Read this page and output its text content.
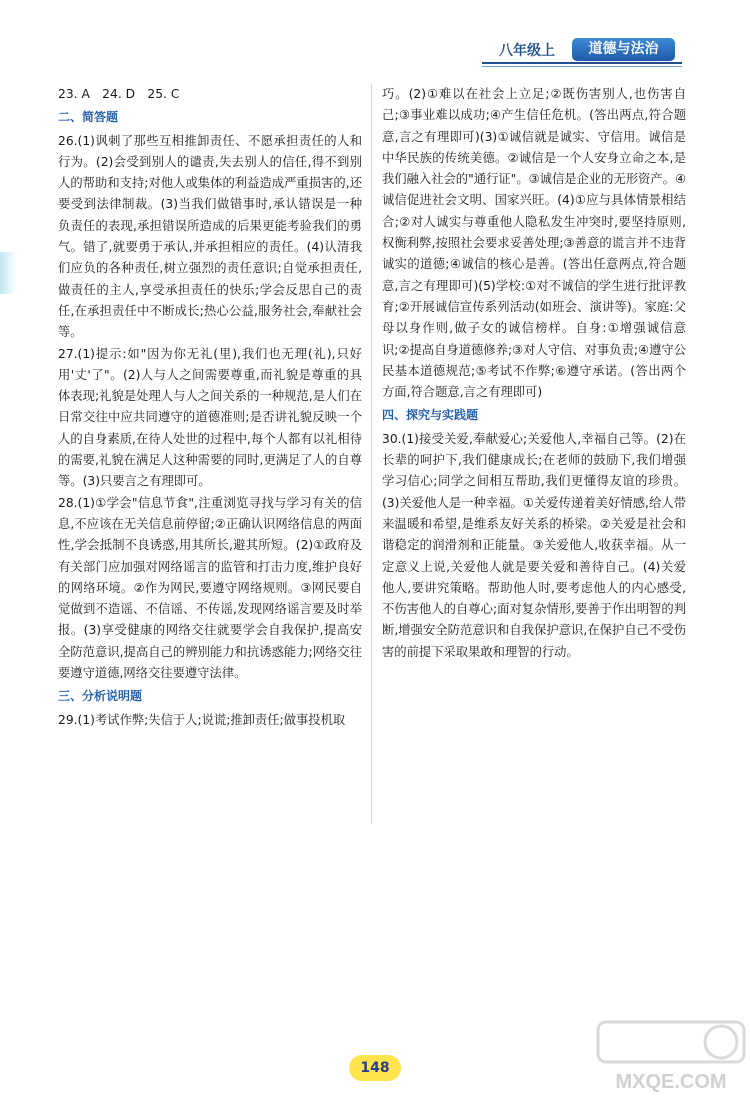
八年级上	道德与法治

23. A　24. D　25. C

二、简答题

26.(1)讽刺了那些互相推卸责任、不愿承担责任的人和行为。(2)会受到别人的谴责,失去别人的信任,得不到别人的帮助和支持;对他人或集体的利益造成严重损害的,还要受到法律制裁。(3)当我们做错事时,承认错误是一种负责任的表现,承担错误所造成的后果更能考验我们的勇气。错了,就要勇于承认,并承担相应的责任。(4)认清我们应负的各种责任,树立强烈的责任意识;自觉承担责任,做责任的主人,享受承担责任的快乐;学会反思自己的责任,在承担责任中不断成长;热心公益,服务社会,奉献社会等。

27.(1)提示:如"因为你无礼(里),我们也无理(礼),只好用'丈'了"。(2)人与人之间需要尊重,而礼貌是尊重的具体表现;礼貌是处理人与人之间关系的一种规范,是人们在日常交往中应共同遵守的道德准则;是否讲礼貌反映一个人的自身素质,在待人处世的过程中,每个人都有以礼相待的需要,礼貌在满足人这种需要的同时,更满足了人的自尊等。(3)只要言之有理即可。

28.(1)①学会"信息节食",注重浏览寻找与学习有关的信息,不应该在无关信息前停留;②正确认识网络信息的两面性,学会抵制不良诱惑,用其所长,避其所短。(2)①政府及有关部门应加强对网络谣言的监管和打击力度,维护良好的网络环境。②作为网民,要遵守网络规则。③网民要自觉做到不造谣、不信谣、不传谣,发现网络谣言要及时举报。(3)享受健康的网络交往就要学会自我保护,提高安全防范意识,提高自己的辨别能力和抗诱惑能力;网络交往要遵守道德,网络交往要遵守法律。

三、分析说明题

29.(1)考试作弊;失信于人;说谎;推卸责任;做事投机取

巧。(2)①难以在社会上立足;②既伤害别人,也伤害自己;③事业难以成功;④产生信任危机。(答出两点,符合题意,言之有理即可)(3)①诚信就是诚实、守信用。诚信是中华民族的传统美德。②诚信是一个人安身立命之本,是我们融入社会的"通行证"。③诚信是企业的无形资产。④诚信促进社会文明、国家兴旺。(4)①应与具体情景相结合;②对人诚实与尊重他人隐私发生冲突时,要坚持原则,权衡利弊,按照社会要求妥善处理;③善意的谎言并不违背诚实的道德;④诚信的核心是善。(答出任意两点,符合题意,言之有理即可)(5)学校:①对不诚信的学生进行批评教育;②开展诚信宣传系列活动(如班会、演讲等)。家庭:父母以身作则,做子女的诚信榜样。自身:①增强诚信意识;②提高自身道德修养;③对人守信、对事负责;④遵守公民基本道德规范;⑤考试不作弊;⑥遵守承诺。(答出两个方面,符合题意,言之有理即可)

四、探究与实践题

30.(1)接受关爱,奉献爱心;关爱他人,幸福自己等。(2)在长辈的呵护下,我们健康成长;在老师的鼓励下,我们增强学习信心;同学之间相互帮助,我们更懂得友谊的珍贵。(3)关爱他人是一种幸福。①关爱传递着美好情感,给人带来温暖和希望,是维系友好关系的桥梁。②关爱是社会和谐稳定的润滑剂和正能量。③关爱他人,收获幸福。从一定意义上说,关爱他人就是要关爱和善待自己。(4)关爱他人,要讲究策略。帮助他人时,要考虑他人的内心感受,不伤害他人的自尊心;面对复杂情形,要善于作出明智的判断,增强安全防范意识和自我保护意识,在保护自己不受伤害的前提下采取果敢和理智的行动。

148
MXQE.COM
